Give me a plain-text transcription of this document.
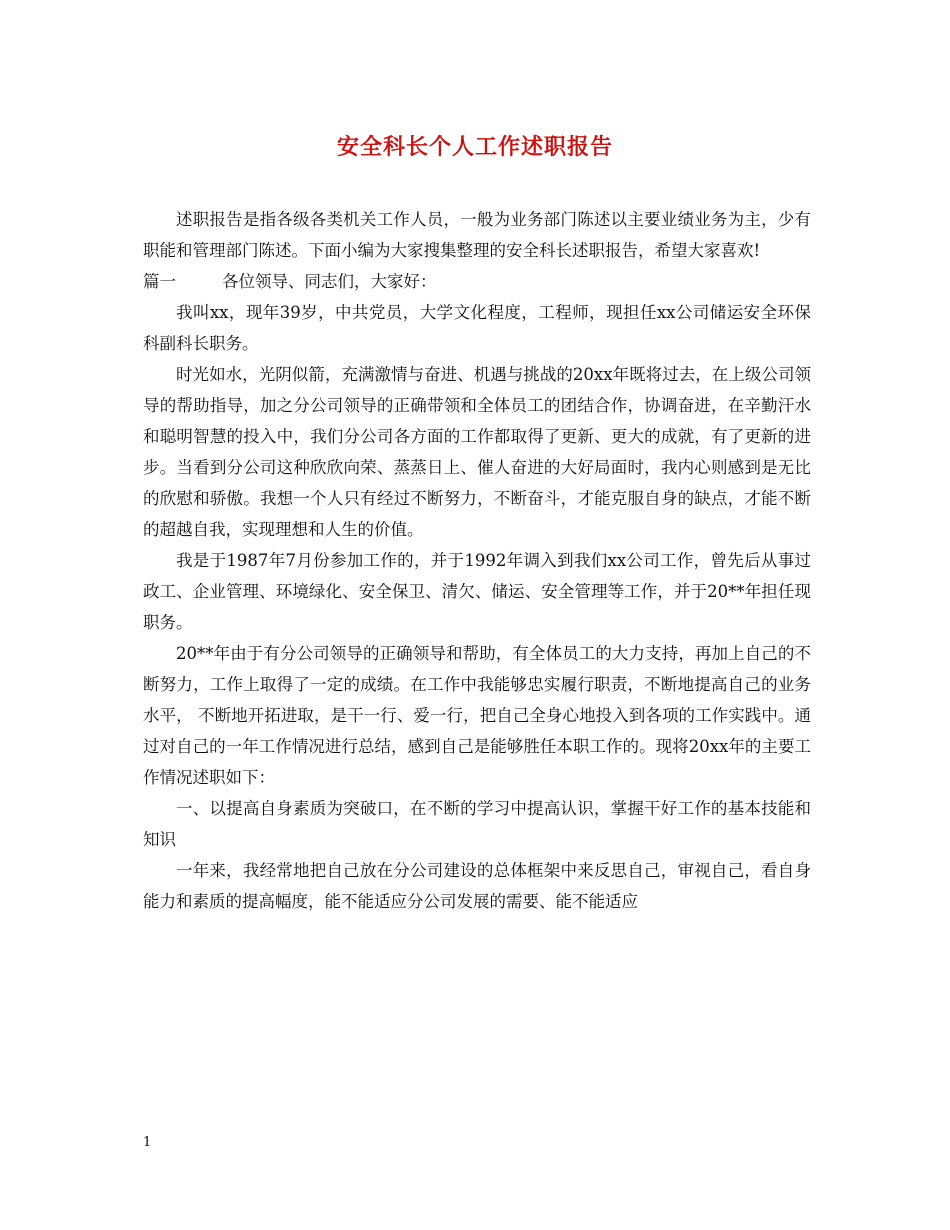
安全科长个人工作述职报告

述职报告是指各级各类机关工作人员，一般为业务部门陈述以主要业绩业务为主，少有职能和管理部门陈述。下面小编为大家搜集整理的安全科长述职报告，希望大家喜欢!

篇一	各位领导、同志们，大家好：

我叫xx，现年39岁，中共党员，大学文化程度，工程师，现担任xx公司储运安全环保科副科长职务。

时光如水，光阴似箭，充满激情与奋进、机遇与挑战的20xx年既将过去，在上级公司领导的帮助指导，加之分公司领导的正确带领和全体员工的团结合作，协调奋进，在辛勤汗水和聪明智慧的投入中，我们分公司各方面的工作都取得了更新、更大的成就，有了更新的进步。当看到分公司这种欣欣向荣、蒸蒸日上、催人奋进的大好局面时，我内心则感到是无比的欣慰和骄傲。我想一个人只有经过不断努力，不断奋斗，才能克服自身的缺点，才能不断的超越自我，实现理想和人生的价值。

我是于1987年7月份参加工作的，并于1992年调入到我们xx公司工作，曾先后从事过政工、企业管理、环境绿化、安全保卫、清欠、储运、安全管理等工作，并于20**年担任现职务。

20**年由于有分公司领导的正确领导和帮助，有全体员工的大力支持，再加上自己的不断努力，工作上取得了一定的成绩。在工作中我能够忠实履行职责，不断地提高自己的业务水平， 不断地开拓进取，是干一行、爱一行，把自己全身心地投入到各项的工作实践中。通过对自己的一年工作情况进行总结，感到自己是能够胜任本职工作的。现将20xx年的主要工作情况述职如下：

一、以提高自身素质为突破口，在不断的学习中提高认识，掌握干好工作的基本技能和知识

一年来，我经常地把自己放在分公司建设的总体框架中来反思自己，审视自己，看自身能力和素质的提高幅度，能不能适应分公司发展的需要、能不能适应

1
